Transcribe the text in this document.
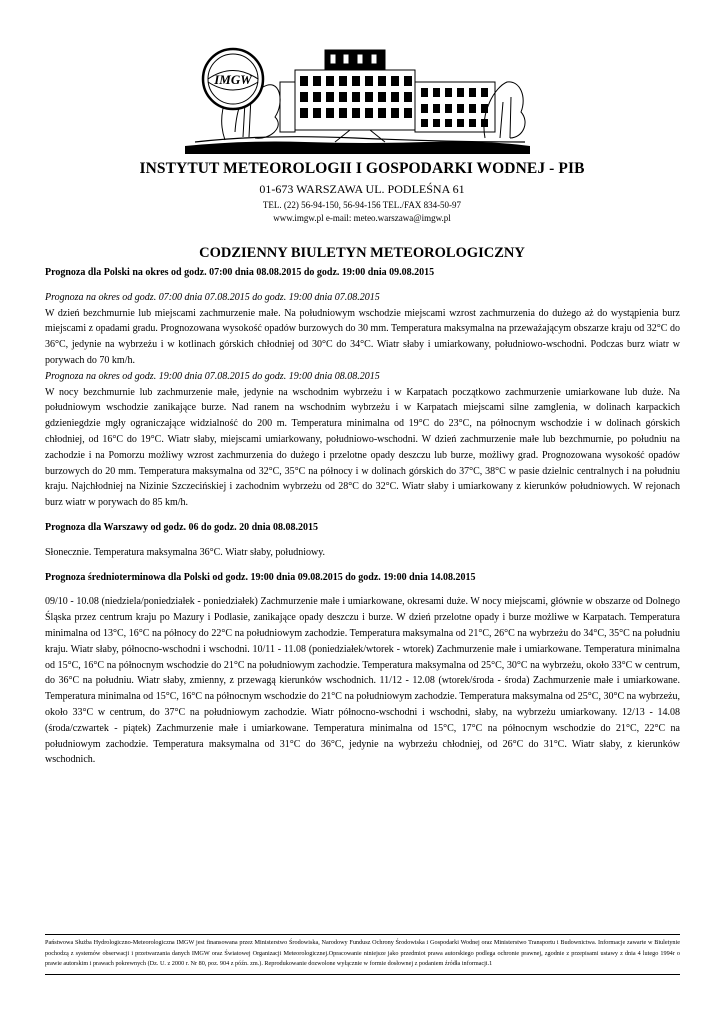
IMGW
INSTYTUT METEOROLOGII I GOSPODARKI WODNEJ - PIB
01-673 WARSZAWA UL. PODLEŚNA 61
TEL. (22) 56-94-150, 56-94-156 TEL./FAX 834-50-97
www.imgw.pl e-mail: meteo.warszawa@imgw.pl
CODZIENNY BIULETYN METEOROLOGICZNY

Prognoza dla Polski na okres od godz. 07:00 dnia 08.08.2015 do godz. 19:00 dnia 09.08.2015

Prognoza na okres od godz. 07:00 dnia 07.08.2015 do godz. 19:00 dnia 07.08.2015

W dzień bezchmurnie lub miejscami zachmurzenie małe. Na południowym wschodzie miejscami wzrost zachmurzenia do dużego aż do wystąpienia burz miejscami z opadami gradu. Prognozowana wysokość opadów burzowych do 30 mm. Temperatura maksymalna na przeważającym obszarze kraju od 32°C do 36°C, jedynie na wybrzeżu i w kotlinach górskich chłodniej od 30°C do 34°C. Wiatr słaby i umiarkowany, południowo-wschodni. Podczas burz wiatr w porywach do 70 km/h.

Prognoza na okres od godz. 19:00 dnia 07.08.2015 do godz. 19:00 dnia 08.08.2015

W nocy bezchmurnie lub zachmurzenie małe, jedynie na wschodnim wybrzeżu i w Karpatach początkowo zachmurzenie umiarkowane lub duże. Na południowym wschodzie zanikające burze. Nad ranem na wschodnim wybrzeżu i w Karpatach miejscami silne zamglenia, w dolinach karpackich gdzieniegdzie mgły ograniczające widzialność do 200 m. Temperatura minimalna od 19°C do 23°C, na północnym wschodzie i w dolinach górskich chłodniej, od 16°C do 19°C. Wiatr słaby, miejscami umiarkowany, południowo-wschodni. W dzień zachmurzenie małe lub bezchmurnie, po południu na zachodzie i na Pomorzu możliwy wzrost zachmurzenia do dużego i przelotne opady deszczu lub burze, możliwy grad. Prognozowana wysokość opadów burzowych do 20 mm. Temperatura maksymalna od 32°C, 35°C na północy i w dolinach górskich do 37°C, 38°C w pasie dzielnic centralnych i na południu kraju. Najchłodniej na Nizinie Szczecińskiej i zachodnim wybrzeżu od 28°C do 32°C. Wiatr słaby i umiarkowany z kierunków południowych. W rejonach burz wiatr w porywach do 85 km/h.

Prognoza dla Warszawy od godz. 06 do godz. 20 dnia 08.08.2015

Słonecznie. Temperatura maksymalna 36°C. Wiatr słaby, południowy.

Prognoza średnioterminowa dla Polski od godz. 19:00 dnia 09.08.2015 do godz. 19:00 dnia 14.08.2015

09/10 - 10.08 (niedziela/poniedziałek - poniedziałek) Zachmurzenie małe i umiarkowane, okresami duże. W nocy miejscami, głównie w obszarze od Dolnego Śląska przez centrum kraju po Mazury i Podlasie, zanikające opady deszczu i burze. W dzień przelotne opady i burze możliwe w Karpatach. Temperatura minimalna od 13°C, 16°C na północy do 22°C na południowym zachodzie. Temperatura maksymalna od 21°C, 26°C na wybrzeżu do 34°C, 35°C na południu kraju. Wiatr słaby, północno-wschodni i wschodni. 10/11 - 11.08 (poniedziałek/wtorek - wtorek) Zachmurzenie małe i umiarkowane. Temperatura minimalna od 15°C, 16°C na północnym wschodzie do 21°C na południowym zachodzie. Temperatura maksymalna od 25°C, 30°C na wybrzeżu, około 33°C w centrum, do 36°C na południu. Wiatr słaby, zmienny, z przewagą kierunków wschodnich. 11/12 - 12.08 (wtorek/środa - środa) Zachmurzenie małe i umiarkowane. Temperatura minimalna od 15°C, 16°C na północnym wschodzie do 21°C na południowym zachodzie. Temperatura maksymalna od 25°C, 30°C na wybrzeżu, około 33°C w centrum, do 37°C na południowym zachodzie. Wiatr północno-wschodni i wschodni, słaby, na wybrzeżu umiarkowany. 12/13 - 14.08 (środa/czwartek - piątek) Zachmurzenie małe i umiarkowane. Temperatura minimalna od 15°C, 17°C na północnym wschodzie do 21°C, 22°C na południowym zachodzie. Temperatura maksymalna od 31°C do 36°C, jedynie na wybrzeżu chłodniej, od 26°C do 31°C. Wiatr słaby, z kierunków wschodnich.

Państwowa Służba Hydrologiczno-Meteorologiczna IMGW jest finansowana przez Ministerstwo Środowiska, Narodowy Fundusz Ochrony Środowiska i Gospodarki Wodnej oraz Ministerstwo Transportu i Budownictwa. Informacje zawarte w Biuletynie pochodzą z systemów obserwacji i przetwarzania danych IMGW oraz Światowej Organizacji Meteorologicznej.Opracowanie niniejsze jako przedmiot prawa autorskiego podlega ochronie prawnej, zgodnie z przepisami ustawy z dnia 4 lutego 1994r o prawie autorskim i prawach pokrewnych (Dz. U. z 2000 r. Nr 80, poz. 904 z późn. zm.). Reprodukowanie dozwolone wyłącznie w formie dosłownej z podaniem źródła informacji.1
